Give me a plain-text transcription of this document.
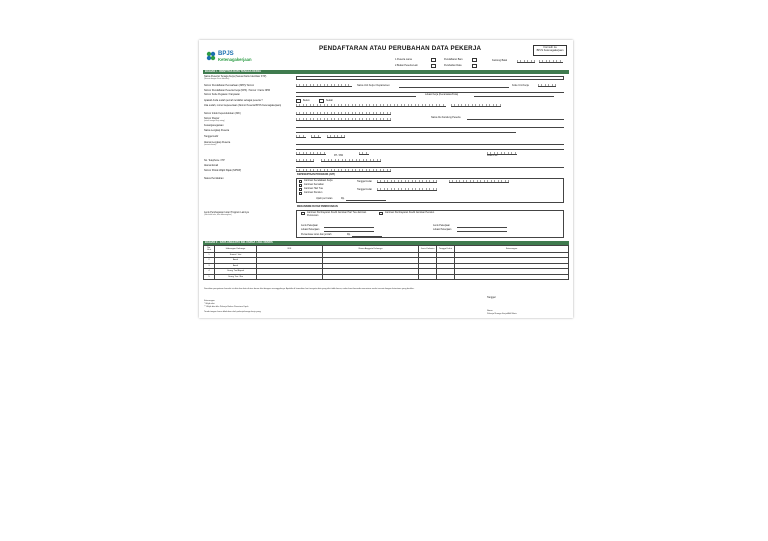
BPJS
Ketenagakerjaan
PENDAFTARAN ATAU PERUBAHAN DATA PEKERJA	Formulir 1a
BPJS Ketenagakerjaan
1.Peserta Lama
2.Bukan Peserta Lain
Pendaftaran Baru
Perubahan Data
Kantong Batal
BAGIAN I - IDENTITAS DATA TENAGA KERJA
Nama Peserta/ Tenaga Kerja (Sesuai Kartu Identitas/ KTP)
(Sesuai dengan Kartu Identitas)
Nomor Pendaftaran Perusahaan (NPP)/ Nomor	Nama Unit Kerja / Departemen	Kode Unit Kerja
Nomor Pendaftaran Peserta Kerja (NPK) / Nomor / Kartu NPM
Nomor Kode Pegawai / Karyawan	Lokasi Kerja (Kecamatan/Kota)
Apakah Anda sudah pernah terdaftar sebagai peserta ?	Belum	Sudah
Jika sudah, nomor kepesertaan (Nomor Peserta BPJS Ketenagakerjaan)
Nomor Induk Kependudukan (NIK)
Nama Ibu Kandung Peserta
Nomor Paspor
(untuk tenaga kerja asing)
Kewarganegaraan
Nama Lengkap Peserta
Tanggal Lahir
Alamat Lengkap Peserta
(sesuai alamat)
RT / RW	Kode Pos
No. Telephone / HP
Alamat Email
Nomor Pokok Wajib Pajak (NPWP)
Status Pernikahan
KEPESERTAAN PROGRAM (JHT)
Jaminan Kecelakaan Kerja
Jaminan Kematian
Jaminan Hari Tua
Jaminan Pensiun
Tanggal mulai
Tanggal mulai
Upah per bulan	Rp.
Jenis Pembayaran Iuran Program Lainnya
(Jika tidak tahu, bisa dikosongkan)
MEKANISME BAYAR PEMBAYARAN
Jaminan Pembayaran Kredit Jaminan Hari Tua Jaminan Pensiunan
Jaminan Pembayaran Kredit Jaminan Pensiun
Jenis Pekerjaan
Lokasi Pekerjaan
Jenis Pekerjaan
Lokasi Pekerjaan
Persentase iuran dan jumlah	Rp.
BAGIAN II - DATA ANGGOTA KELUARGA / AHLI WARIS
No. Urut	Hubungan Keluarga	NIK	Nama Anggota Keluarga	Jenis Kelamin	Tanggal Lahir	Keterangan
1	Suami / Istri					
2	Anak					
3	Anak					
4	Orang Tua/Bapak					
5	Orang Tua / Ibu					
Demikian pernyataan formulir ini diisi dan data di atas benar diisi dengan sesungguhnya. Apabila di kemudian hari ternyata data yang diisi tidak benar, maka kami bersedia menerima sanksi sesuai dengan ketentuan yang berlaku.
Tanggal
Keterangan
* Wajib diisi
** Wajib diisi bila Pekerja Bukan Penerima Upah
Tanda tangan harus dilakukan oleh pekerja/tenaga kerja yang	Nama
Pekerja/Tenaga Kerja/Ahli Waris
